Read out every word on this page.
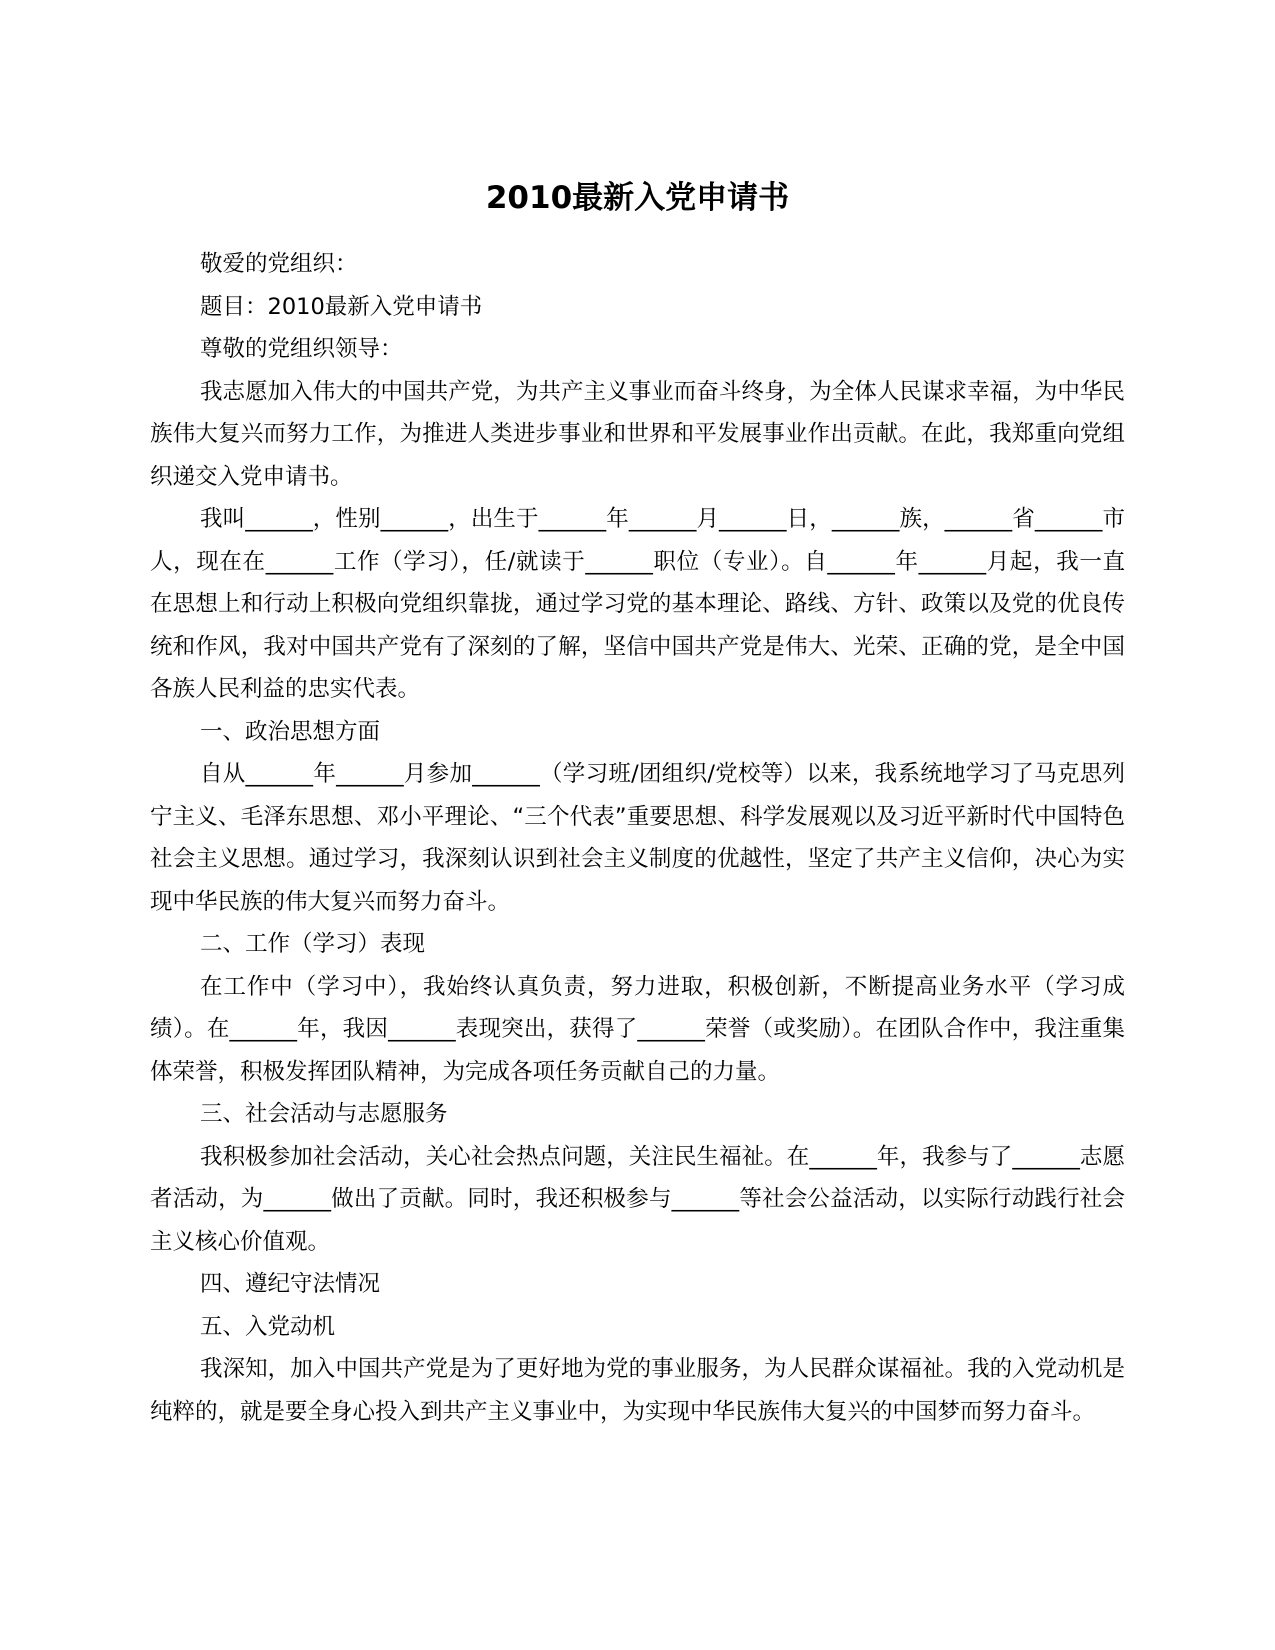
2010最新入党申请书

敬爱的党组织：

题目：2010最新入党申请书

尊敬的党组织领导：

我志愿加入伟大的中国共产党，为共产主义事业而奋斗终身，为全体人民谋求幸福，为中华民族伟大复兴而努力工作，为推进人类进步事业和世界和平发展事业作出贡献。在此，我郑重向党组织递交入党申请书。

我叫______，性别______，出生于______年______月______日，______族，______省______市人，现在在______工作（学习），任/就读于______职位（专业）。自______年______月起，我一直在思想上和行动上积极向党组织靠拢，通过学习党的基本理论、路线、方针、政策以及党的优良传统和作风，我对中国共产党有了深刻的了解，坚信中国共产党是伟大、光荣、正确的党，是全中国各族人民利益的忠实代表。

一、政治思想方面

自从______年______月参加______（学习班/团组织/党校等）以来，我系统地学习了马克思列宁主义、毛泽东思想、邓小平理论、“三个代表”重要思想、科学发展观以及习近平新时代中国特色社会主义思想。通过学习，我深刻认识到社会主义制度的优越性，坚定了共产主义信仰，决心为实现中华民族的伟大复兴而努力奋斗。

二、工作（学习）表现

在工作中（学习中），我始终认真负责，努力进取，积极创新，不断提高业务水平（学习成绩）。在______年，我因______表现突出，获得了______荣誉（或奖励）。在团队合作中，我注重集体荣誉，积极发挥团队精神，为完成各项任务贡献自己的力量。

三、社会活动与志愿服务

我积极参加社会活动，关心社会热点问题，关注民生福祉。在______年，我参与了______志愿者活动，为______做出了贡献。同时，我还积极参与______等社会公益活动，以实际行动践行社会主义核心价值观。

四、遵纪守法情况

五、入党动机

我深知，加入中国共产党是为了更好地为党的事业服务，为人民群众谋福祉。我的入党动机是纯粹的，就是要全身心投入到共产主义事业中，为实现中华民族伟大复兴的中国梦而努力奋斗。
